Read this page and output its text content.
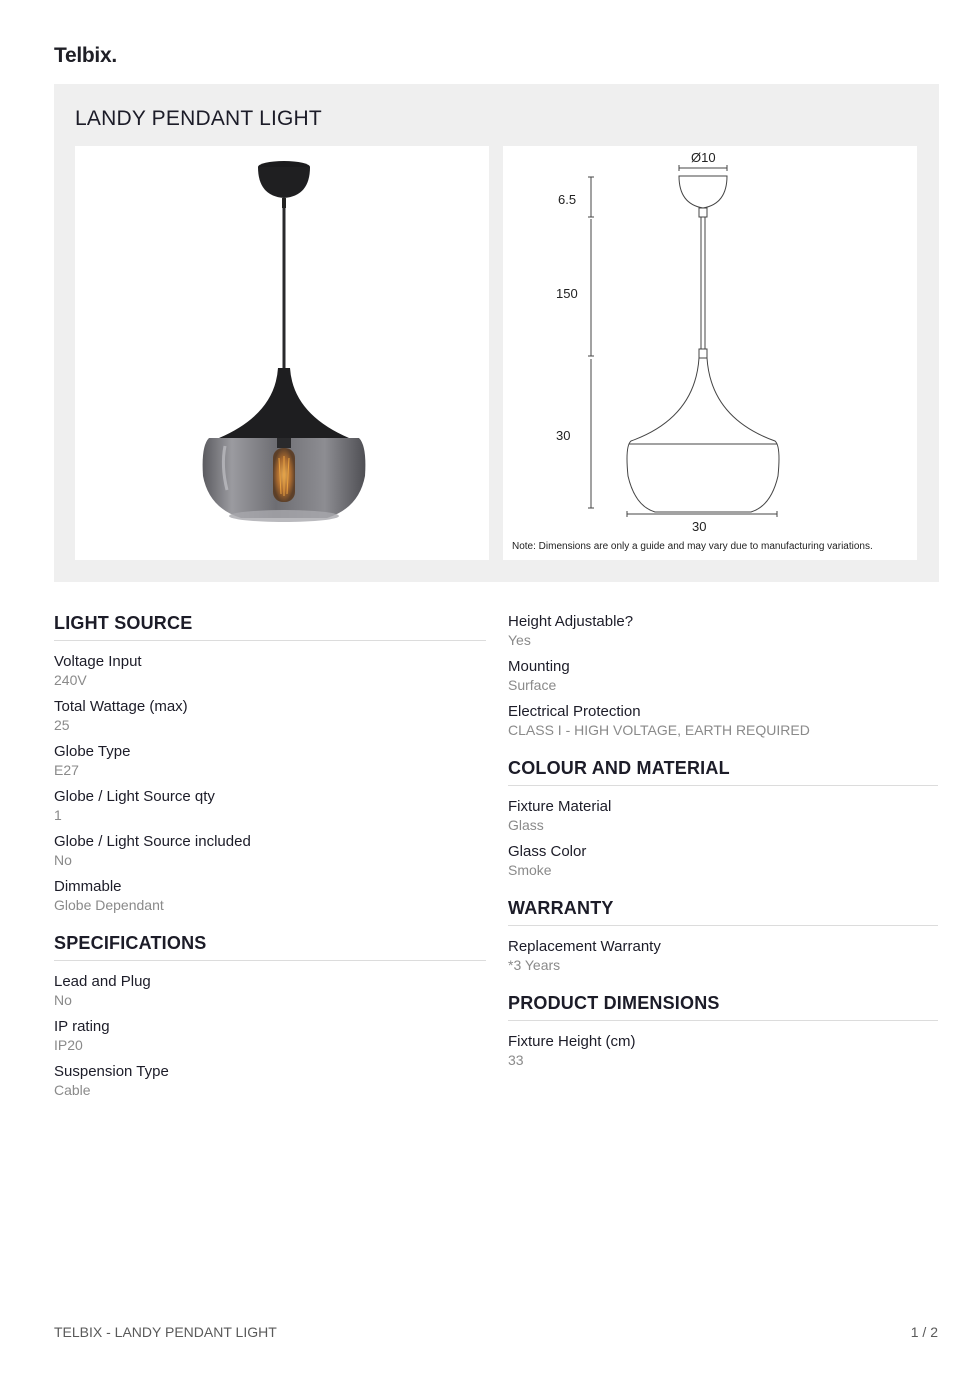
Telbix.
LANDY PENDANT LIGHT
Ø10
6.5
150
30
30
Note: Dimensions are only a guide and may vary due to manufacturing variations.
LIGHT SOURCE
Voltage Input
240V
Total Wattage (max)
25
Globe Type
E27
Globe / Light Source qty
1
Globe / Light Source included
No
Dimmable
Globe Dependant
SPECIFICATIONS
Lead and Plug
No
IP rating
IP20
Suspension Type
Cable
Height Adjustable?
Yes
Mounting
Surface
Electrical Protection
CLASS I - HIGH VOLTAGE, EARTH REQUIRED
COLOUR AND MATERIAL
Fixture Material
Glass
Glass Color
Smoke
WARRANTY
Replacement Warranty
*3 Years
PRODUCT DIMENSIONS
Fixture Height (cm)
33
TELBIX - LANDY PENDANT LIGHT	1 / 2
